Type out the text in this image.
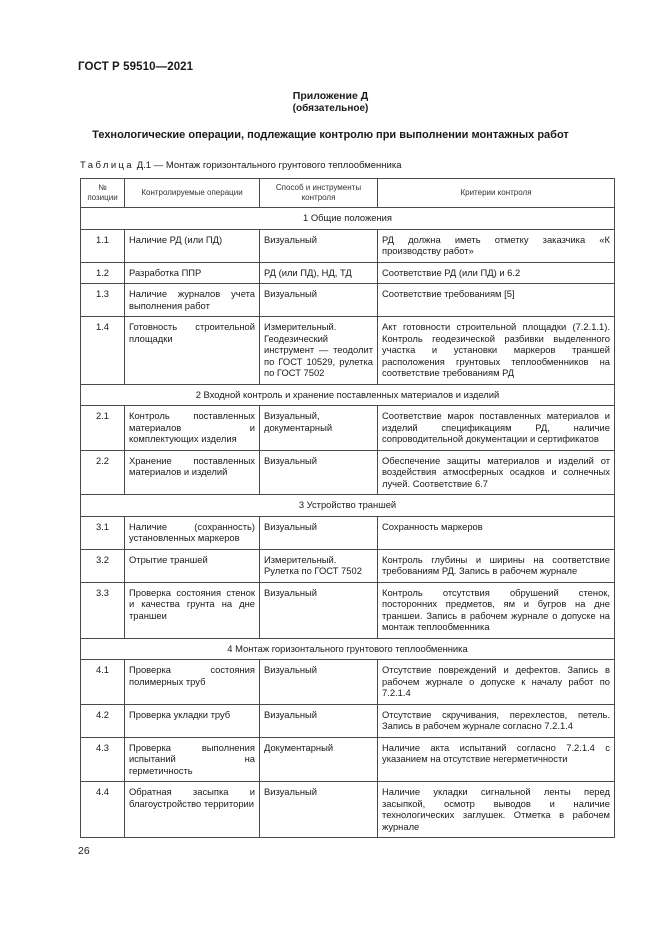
ГОСТ Р 59510—2021
Приложение Д
(обязательное)
Технологические операции, подлежащие контролю при выполнении монтажных работ
Таблица Д.1 — Монтаж горизонтального грунтового теплообменника
№ позиции	Контролируемые операции	Способ и инструменты контроля	Критерии контроля
1 Общие положения			
1.1	Наличие РД (или ПД)	Визуальный	РД должна иметь отметку заказчика «К производству работ»
1.2	Разработка ППР	РД (или ПД), НД, ТД	Соответствие РД (или ПД) и 6.2
1.3	Наличие журналов учета выполнения работ	Визуальный	Соответствие требованиям [5]
1.4	Готовность строительной площадки	Измерительный. Геодезический инструмент — теодолит по ГОСТ 10529, рулетка по ГОСТ 7502	Акт готовности строительной площадки (7.2.1.1). Контроль геодезической разбивки выделенного участка и установки маркеров траншей расположения грунтовых теплообменников на соответствие требованиям РД
2 Входной контроль и хранение поставленных материалов и изделий			
2.1	Контроль поставленных материалов и комплектующих изделия	Визуальный, документарный	Соответствие марок поставленных материалов и изделий спецификациям РД, наличие сопроводительной документации и сертификатов
2.2	Хранение поставленных материалов и изделий	Визуальный	Обеспечение защиты материалов и изделий от воздействия атмосферных осадков и солнечных лучей. Соответствие 6.7
3 Устройство траншей			
3.1	Наличие (сохранность) установленных маркеров	Визуальный	Сохранность маркеров
3.2	Отрытие траншей	Измерительный. Рулетка по ГОСТ 7502	Контроль глубины и ширины на соответствие требованиям РД. Запись в рабочем журнале
3.3	Проверка состояния стенок и качества грунта на дне траншеи	Визуальный	Контроль отсутствия обрушений стенок, посторонних предметов, ям и бугров на дне траншеи. Запись в рабочем журнале о допуске на монтаж теплообменника
4 Монтаж горизонтального грунтового теплообменника			
4.1	Проверка состояния полимерных труб	Визуальный	Отсутствие повреждений и дефектов. Запись в рабочем журнале о допуске к началу работ по 7.2.1.4
4.2	Проверка укладки труб	Визуальный	Отсутствие скручивания, перехлестов, петель. Запись в рабочем журнале согласно 7.2.1.4
4.3	Проверка выполнения испытаний на герметичность	Документарный	Наличие акта испытаний согласно 7.2.1.4 с указанием на отсутствие негерметичности
4.4	Обратная засыпка и благоустройство территории	Визуальный	Наличие укладки сигнальной ленты перед засыпкой, осмотр выводов и наличие технологических заглушек. Отметка в рабочем журнале
26
